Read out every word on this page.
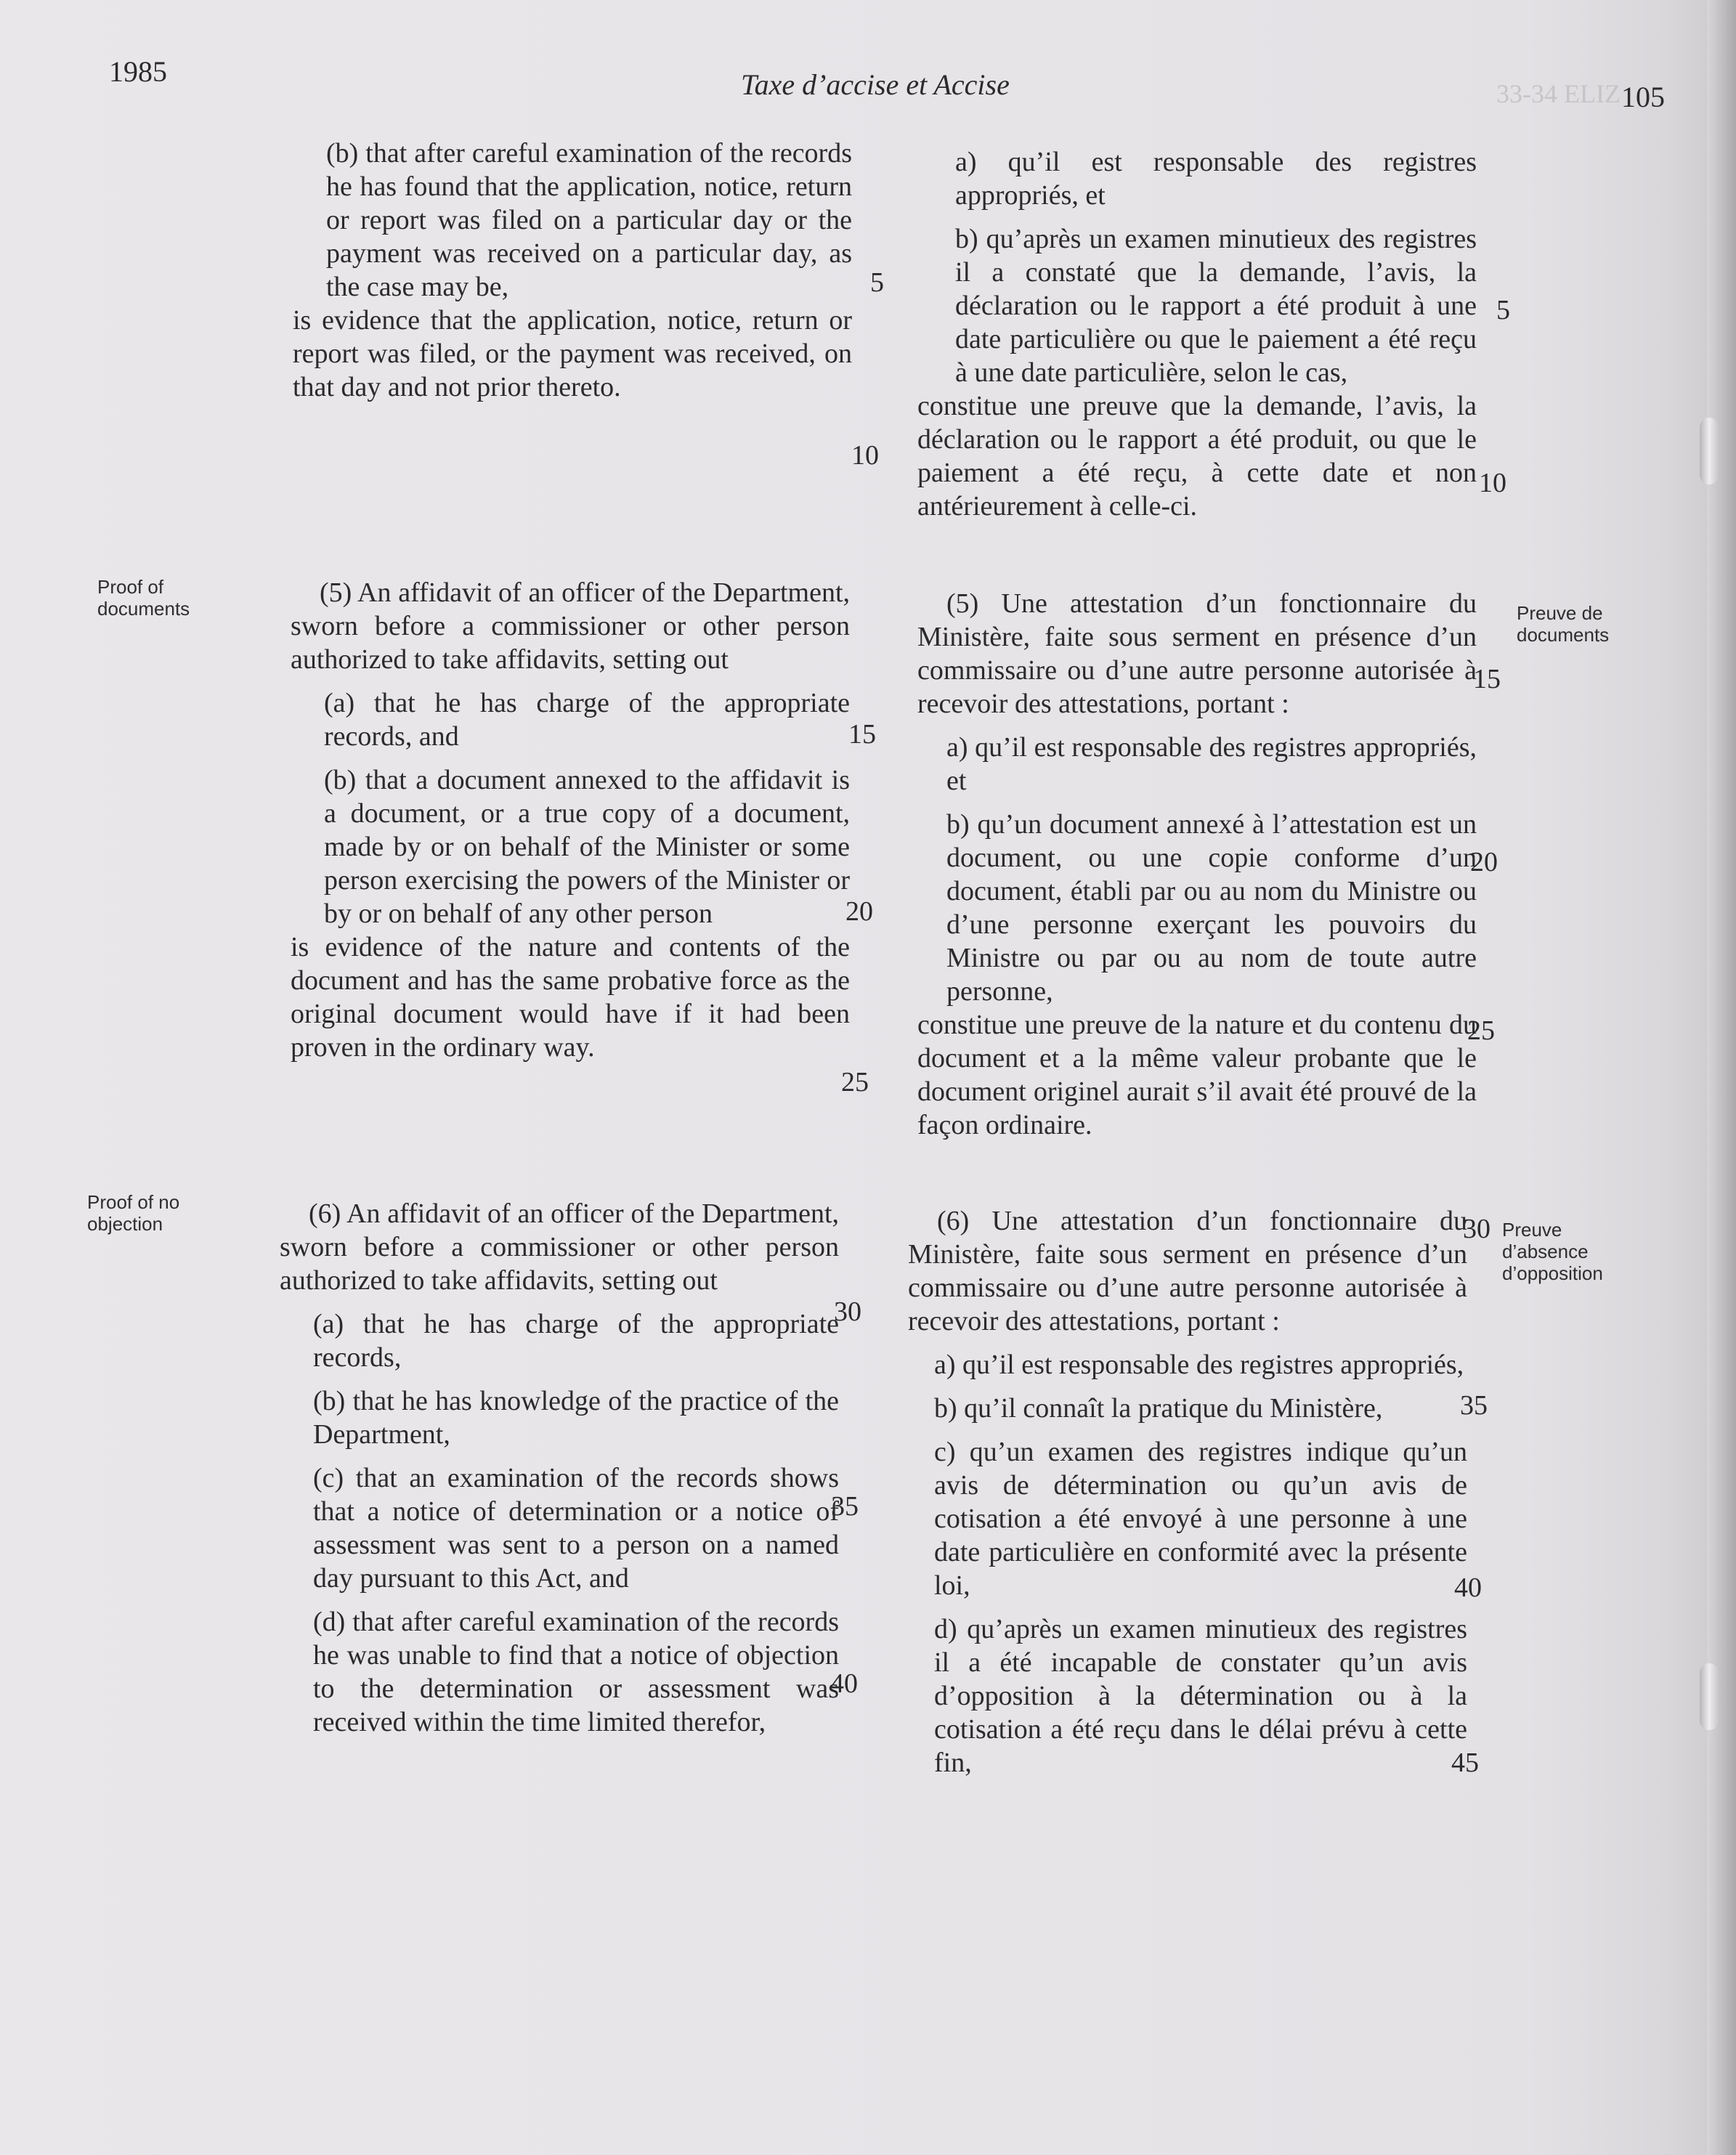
33-34 ELIZ
1985	Taxe d’accise et Accise	105
Proof of documents	Preuve de documents
Proof of no objection	Preuve d’absence d’opposition

(b) that after careful examination of the records he has found that the application, notice, return or report was filed on a particular day or the payment was received on a particular day, as the case may be,

is evidence that the application, notice, return or report was filed, or the payment was received, on that day and not prior thereto.

(5) An affidavit of an officer of the Department, sworn before a commissioner or other person authorized to take affidavits, setting out

(a) that he has charge of the appropriate records, and

(b) that a document annexed to the affidavit is a document, or a true copy of a document, made by or on behalf of the Minister or some person exercising the powers of the Minister or by or on behalf of any other person

is evidence of the nature and contents of the document and has the same probative force as the original document would have if it had been proven in the ordinary way.

(6) An affidavit of an officer of the Department, sworn before a commissioner or other person authorized to take affidavits, setting out

(a) that he has charge of the appropriate records,

(b) that he has knowledge of the practice of the Department,

(c) that an examination of the records shows that a notice of determination or a notice of assessment was sent to a person on a named day pursuant to this Act, and

(d) that after careful examination of the records he was unable to find that a notice of objection to the determination or assessment was received within the time limited therefor,

a) qu’il est responsable des registres appropriés, et

b) qu’après un examen minutieux des registres il a constaté que la demande, l’avis, la déclaration ou le rapport a été produit à une date particulière ou que le paiement a été reçu à une date particulière, selon le cas,

constitue une preuve que la demande, l’avis, la déclaration ou le rapport a été produit, ou que le paiement a été reçu, à cette date et non antérieurement à celle-ci.

(5) Une attestation d’un fonctionnaire du Ministère, faite sous serment en présence d’un commissaire ou d’une autre personne autorisée à recevoir des attestations, portant :

a) qu’il est responsable des registres appropriés, et

b) qu’un document annexé à l’attestation est un document, ou une copie conforme d’un document, établi par ou au nom du Ministre ou d’une personne exerçant les pouvoirs du Ministre ou par ou au nom de toute autre personne,

constitue une preuve de la nature et du contenu du document et a la même valeur probante que le document originel aurait s’il avait été prouvé de la façon ordinaire.

(6) Une attestation d’un fonctionnaire du Ministère, faite sous serment en présence d’un commissaire ou d’une autre personne autorisée à recevoir des attestations, portant :

a) qu’il est responsable des registres appropriés,

b) qu’il connaît la pratique du Ministère,

c) qu’un examen des registres indique qu’un avis de détermination ou qu’un avis de cotisation a été envoyé à une personne à une date particulière en conformité avec la présente loi,

d) qu’après un examen minutieux des registres il a été incapable de constater qu’un avis d’opposition à la détermination ou à la cotisation a été reçu dans le délai prévu à cette fin,

5
10
15
20
25
30
35
40
5
10
15
20
25
30
35
40
45
